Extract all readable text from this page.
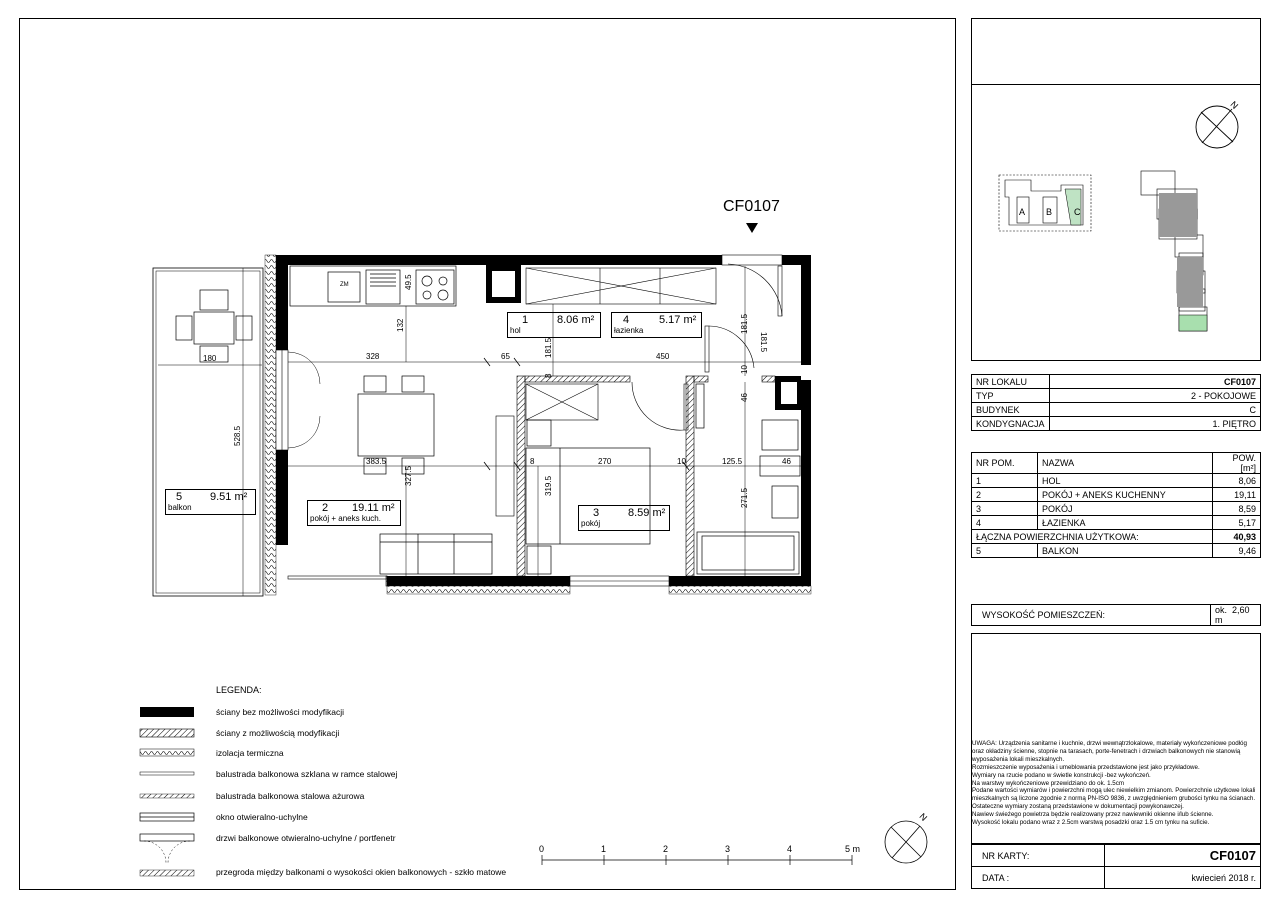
CF0107
ZM
1	8.06 m²
hol
4	5.17 m²
łazienka
2 19.11 m²
pokój + aneks kuch.	3	8.59 m²
pokój
5	9.51 m²
balkon
180	328	65	450
383.5	8	270	10	125.5	46
132
49.5
181.5
8
528.5
327.5	319.5
181.5
10
46
271.5
181.5
LEGENDA:
ściany bez możliwości modyfikacji
ściany z możliwością modyfikacji
izolacja termiczna
balustrada balkonowa szklana w ramce stalowej
balustrada balkonowa stalowa ażurowa
okno otwieralno-uchylne
drzwi balkonowe otwieralno-uchylne / portfenetr
przegroda między balkonami o wysokości okien balkonowych - szkło matowe
0	1	2	3	4	5 m
N
A B C
N
NR LOKALU	CF0107
TYP	2 - POKOJOWE
BUDYNEK	C
KONDYGNACJA	1. PIĘTRO
NR POM.	NAZWA	POW. [m²]
1	HOL	8,06
2	POKÓJ + ANEKS KUCHENNY	19,11
3	POKÓJ	8,59
4	ŁAZIENKA	5,17
ŁĄCZNA POWIERZCHNIA UŻYTKOWA:		40,93
5	BALKON	9,46
WYSOKOŚĆ POMIESZCZEŃ:	ok. 2,60 m
UWAGA: Urządzenia sanitarne i kuchnie, drzwi wewnątrzlokalowe, materiały wykończeniowe podłóg oraz okładziny ścienne, stopnie na tarasach, porte-fenetrach i drzwiach balkonowych nie stanowią wyposażenia lokali mieszkalnych.
Rozmieszczenie wyposażenia i umeblowania przedstawione jest jako przykładowe.
Wymiary na rzucie podano w świetle konstrukcji -bez wykończeń.
Na warstwy wykończeniowe przewidziano do ok. 1.5cm
Podane wartości wymiarów i powierzchni mogą ulec niewielkim zmianom. Powierzchnie użytkowe lokali mieszkalnych są liczone zgodnie z normą PN-ISO 9836, z uwzględnieniem grubości tynku na ścianach.
Ostateczne wymiary zostaną przedstawione w dokumentacji powykonawczej.
Nawiew świeżego powietrza będzie realizowany przez nawiewniki okienne i/lub ścienne.
Wysokość lokalu podano wraz z 2.5cm warstwą posadzki oraz 1.5 cm tynku na suficie.
NR KARTY:	CF0107
DATA :	kwiecień 2018 r.
